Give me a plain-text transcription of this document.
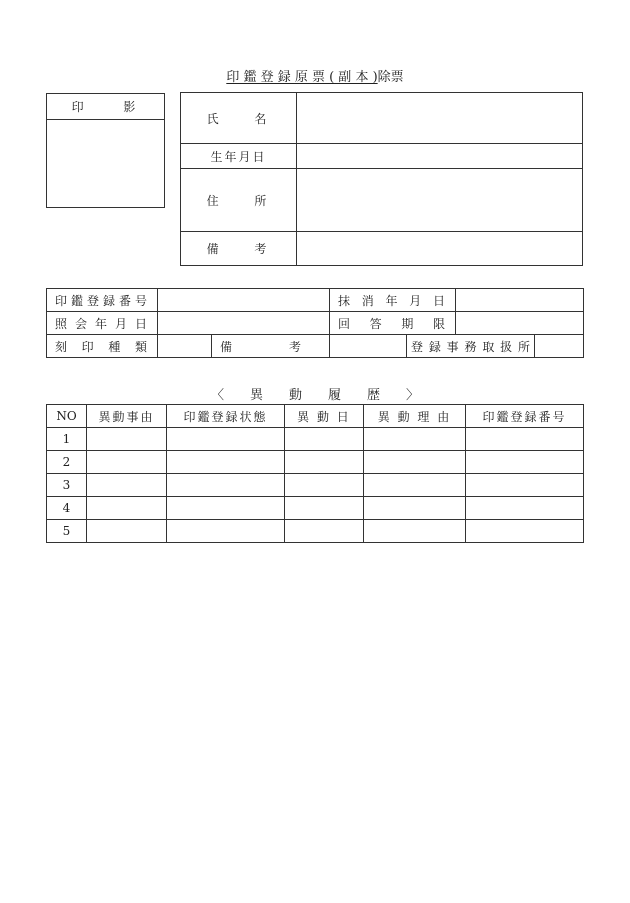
印 鑑 登 録 原 票 ( 副 本 )除票
印 影
氏 名	
生年月日	
住 所	
備 考	
印鑑登録番号			抹 消 年 月 日			
照 会 年 月 日			回 答 期 限			
刻 印 種 類		備 考		登録事務取扱所		
〈　　異　　動　　履　　歴　　〉
NO	異動事由	印鑑登録状態	異 動 日	異 動 理 由	印鑑登録番号
1					
2					
3					
4					
5					
